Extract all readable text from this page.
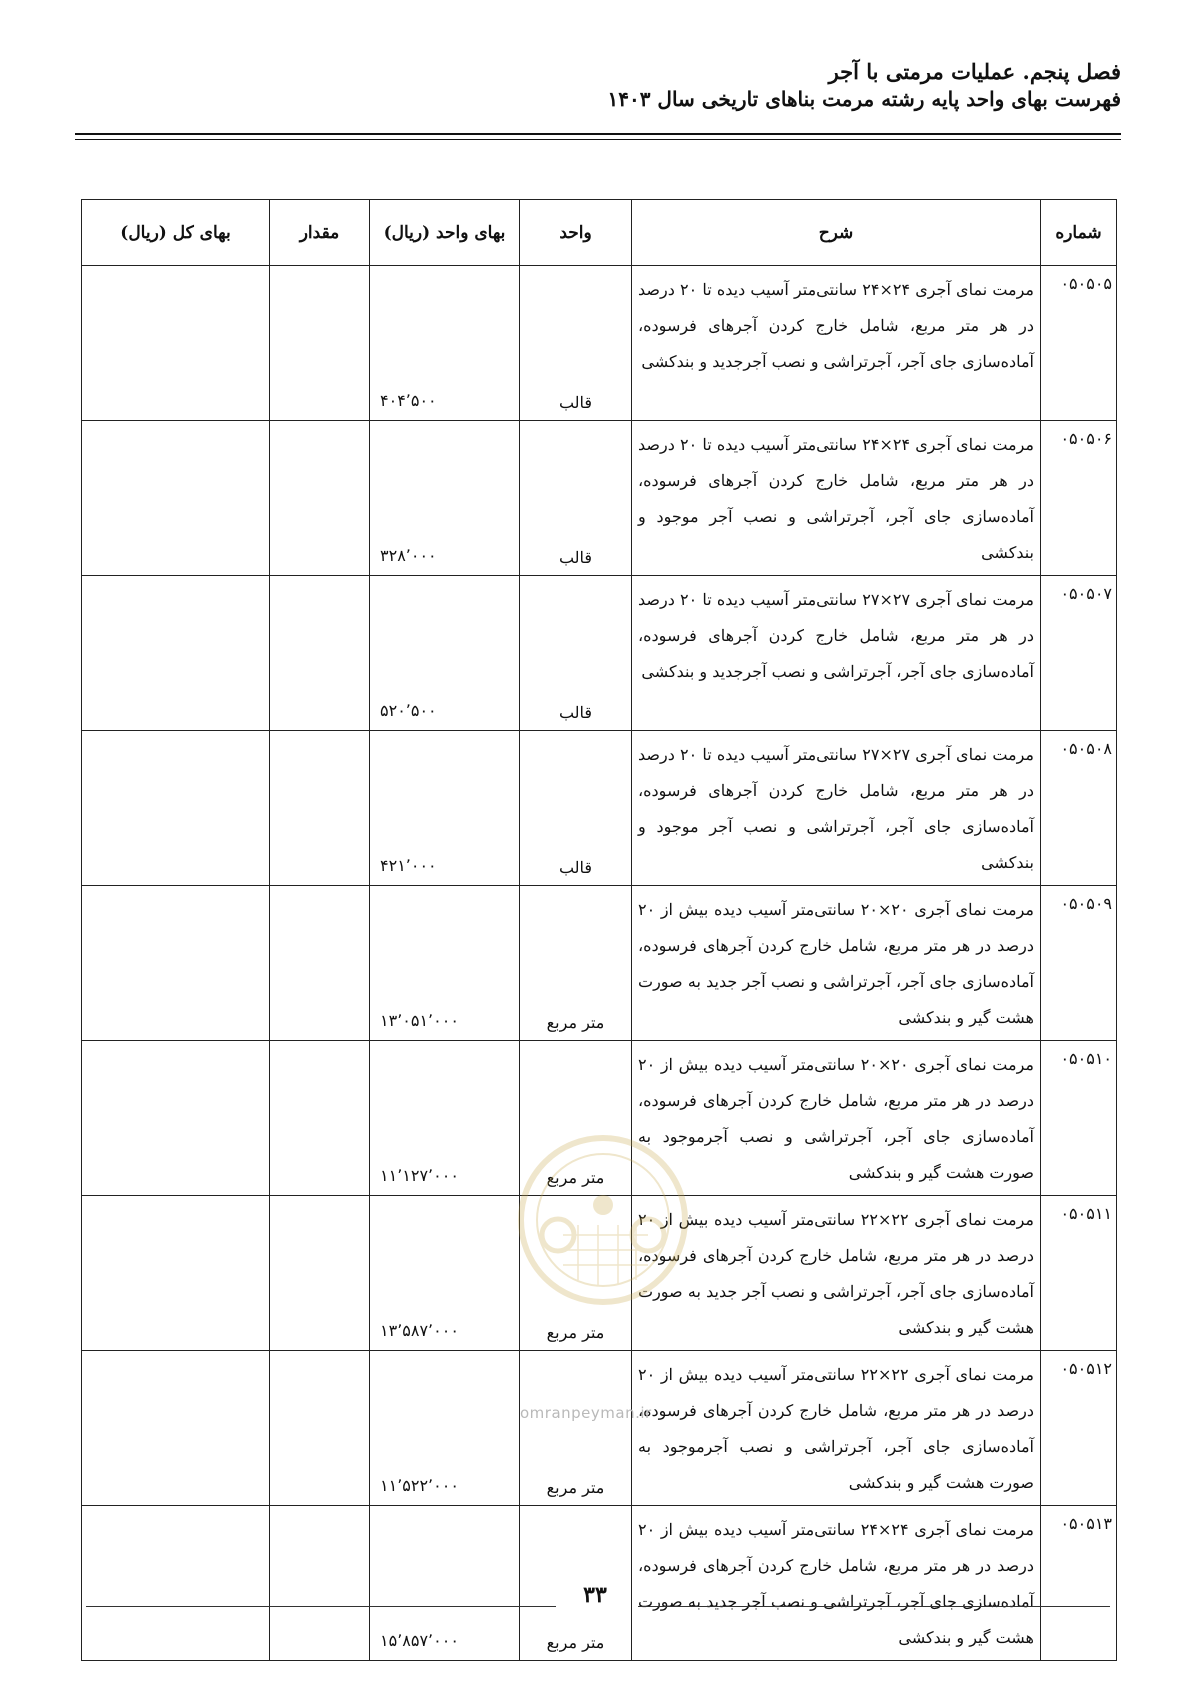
فصل پنجم. عملیات مرمتی با آجر
فهرست بهای واحد پایه رشته مرمت بناهای تاریخی سال ۱۴۰۳
شماره	شرح	واحد	بهای واحد (ریال)	مقدار	بهای کل (ریال)
۰۵۰۵۰۵	مرمت نمای آجری ۲۴×۲۴ سانتی‌متر آسیب دیده تا ۲۰ درصد در هر متر مربع، شامل خارج کردن آجرهای فرسوده، آماده‌سازی جای آجر، آجرتراشی و نصب آجرجدید و بندکشی	قالب	۴۰۴٬۵۰۰		
۰۵۰۵۰۶	مرمت نمای آجری ۲۴×۲۴ سانتی‌متر آسیب دیده تا ۲۰ درصد در هر متر مربع، شامل خارج کردن آجرهای فرسوده، آماده‌سازی جای آجر، آجرتراشی و نصب آجر موجود و بندکشی	قالب	۳۲۸٬۰۰۰		
۰۵۰۵۰۷	مرمت نمای آجری ۲۷×۲۷ سانتی‌متر آسیب دیده تا ۲۰ درصد در هر متر مربع، شامل خارج کردن آجرهای فرسوده، آماده‌سازی جای آجر، آجرتراشی و نصب آجرجدید و بندکشی	قالب	۵۲۰٬۵۰۰		
۰۵۰۵۰۸	مرمت نمای آجری ۲۷×۲۷ سانتی‌متر آسیب دیده تا ۲۰ درصد در هر متر مربع، شامل خارج کردن آجرهای فرسوده، آماده‌سازی جای آجر، آجرتراشی و نصب آجر موجود و بندکشی	قالب	۴۲۱٬۰۰۰		
۰۵۰۵۰۹	مرمت نمای آجری ۲۰×۲۰ سانتی‌متر آسیب دیده بیش از ۲۰ درصد در هر متر مربع، شامل خارج کردن آجرهای فرسوده، آماده‌سازی جای آجر، آجرتراشی و نصب آجر جدید به صورت هشت گیر و بندکشی	متر مربع	۱۳٬۰۵۱٬۰۰۰		
۰۵۰۵۱۰	مرمت نمای آجری ۲۰×۲۰ سانتی‌متر آسیب دیده بیش از ۲۰ درصد در هر متر مربع، شامل خارج کردن آجرهای فرسوده، آماده‌سازی جای آجر، آجرتراشی و نصب آجرموجود به صورت هشت گیر و بندکشی	متر مربع	۱۱٬۱۲۷٬۰۰۰		
۰۵۰۵۱۱	مرمت نمای آجری ۲۲×۲۲ سانتی‌متر آسیب دیده بیش از ۲۰ درصد در هر متر مربع، شامل خارج کردن آجرهای فرسوده، آماده‌سازی جای آجر، آجرتراشی و نصب آجر جدید به صورت هشت گیر و بندکشی	متر مربع	۱۳٬۵۸۷٬۰۰۰		
۰۵۰۵۱۲	مرمت نمای آجری ۲۲×۲۲ سانتی‌متر آسیب دیده بیش از ۲۰ درصد در هر متر مربع، شامل خارج کردن آجرهای فرسوده، آماده‌سازی جای آجر، آجرتراشی و نصب آجرموجود به صورت هشت گیر و بندکشی	متر مربع	۱۱٬۵۲۲٬۰۰۰		
۰۵۰۵۱۳	مرمت نمای آجری ۲۴×۲۴ سانتی‌متر آسیب دیده بیش از ۲۰ درصد در هر متر مربع، شامل خارج کردن آجرهای فرسوده، آماده‌سازی جای آجر، آجرتراشی و نصب آجر جدید به صورت هشت گیر و بندکشی	متر مربع	۱۵٬۸۵۷٬۰۰۰		
omranpeyman.ir
۳۳
